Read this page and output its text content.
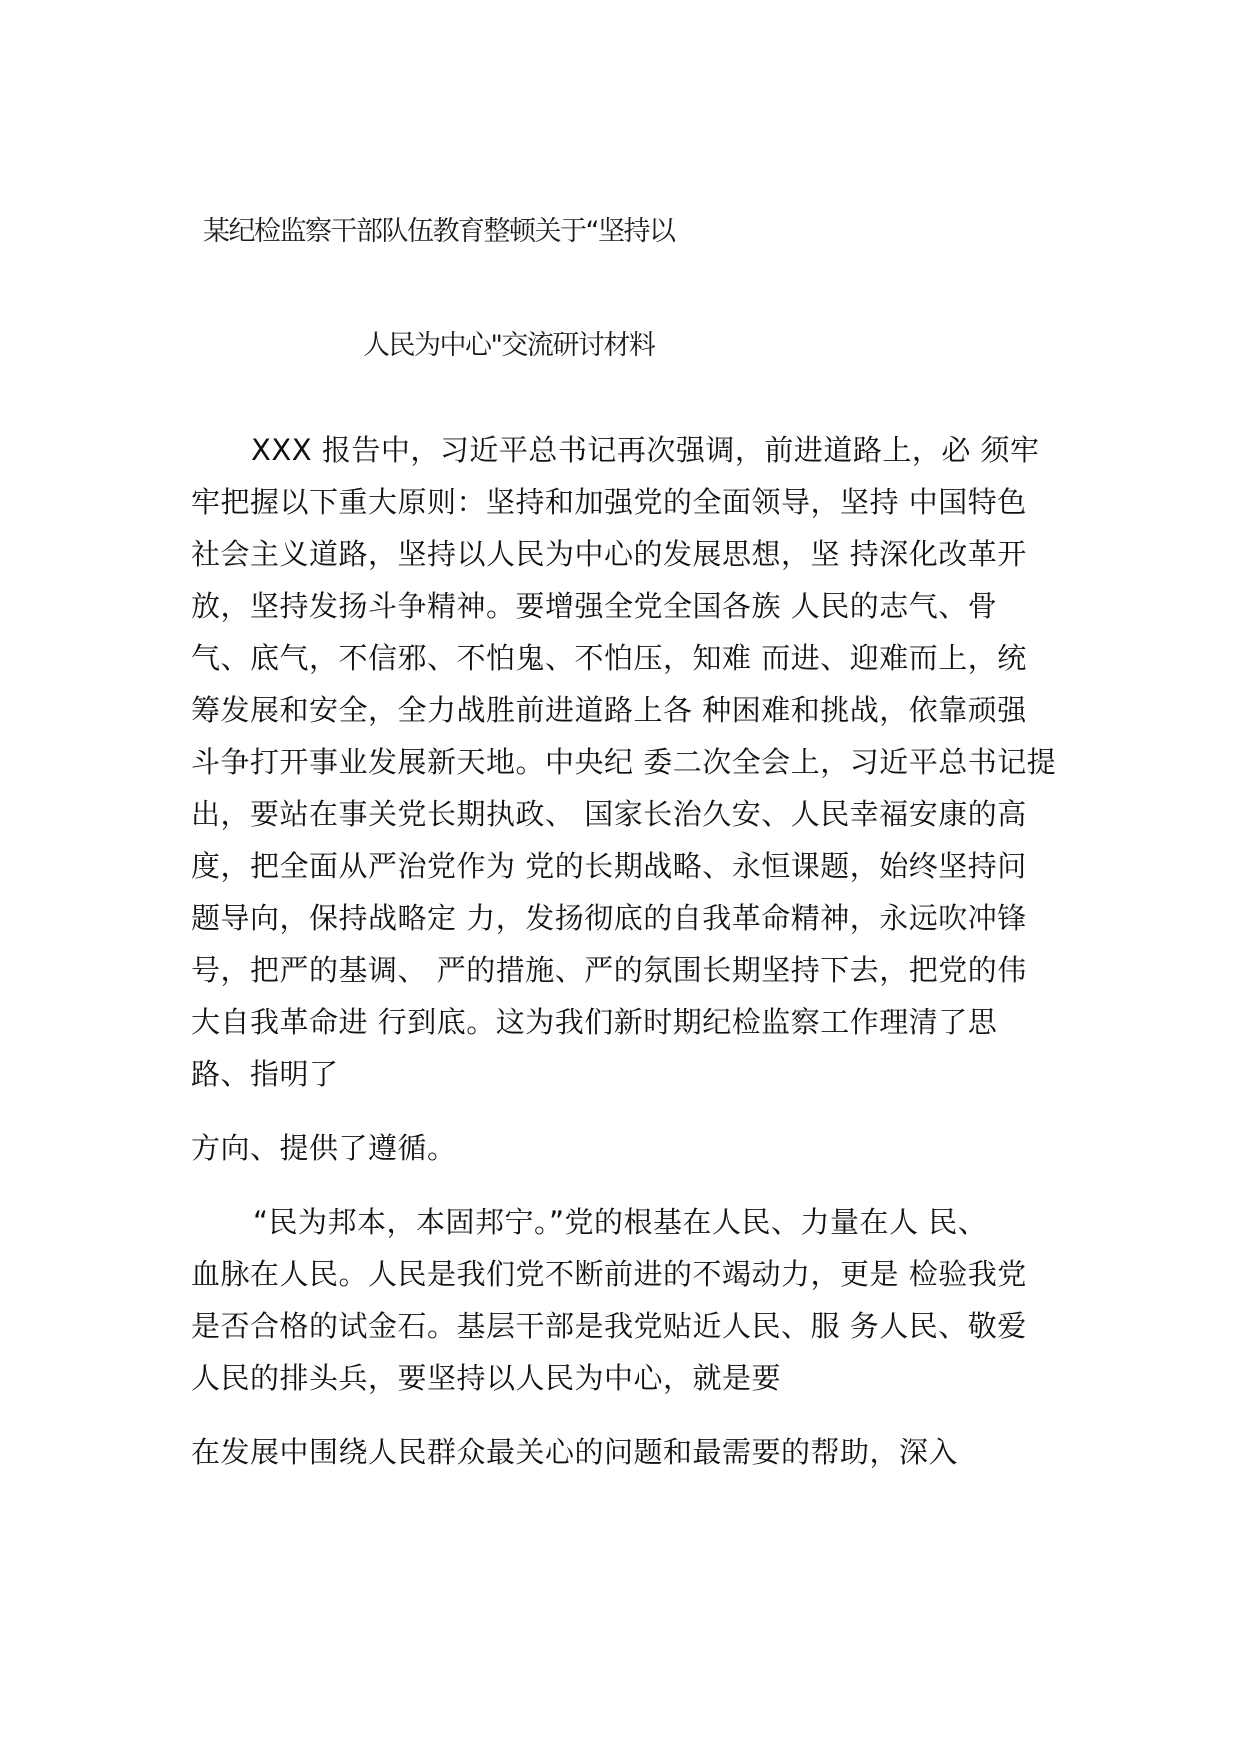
某纪检监察干部队伍教育整顿关于“坚持以
人民为中心"交流研讨材料
XXX 报告中，习近平总书记再次强调，前进道路上，必 须牢
牢把握以下重大原则：坚持和加强党的全面领导，坚持 中国特色
社会主义道路，坚持以人民为中心的发展思想，坚 持深化改革开
放，坚持发扬斗争精神。要增强全党全国各族 人民的志气、骨
气、底气，不信邪、不怕鬼、不怕压，知难 而进、迎难而上，统
筹发展和安全，全力战胜前进道路上各 种困难和挑战，依靠顽强
斗争打开事业发展新天地。中央纪 委二次全会上，习近平总书记提
出，要站在事关党长期执政、 国家长治久安、人民幸福安康的高
度，把全面从严治党作为 党的长期战略、永恒课题，始终坚持问
题导向，保持战略定 力，发扬彻底的自我革命精神，永远吹冲锋
号，把严的基调、 严的措施、严的氛围长期坚持下去，把党的伟
大自我革命进 行到底。这为我们新时期纪检监察工作理清了思
路、指明了
方向、提供了遵循。
“民为邦本，本固邦宁。”党的根基在人民、力量在人 民、
血脉在人民。人民是我们党不断前进的不竭动力，更是 检验我党
是否合格的试金石。基层干部是我党贴近人民、服 务人民、敬爱
人民的排头兵，要坚持以人民为中心，就是要
在发展中围绕人民群众最关心的问题和最需要的帮助，深入
